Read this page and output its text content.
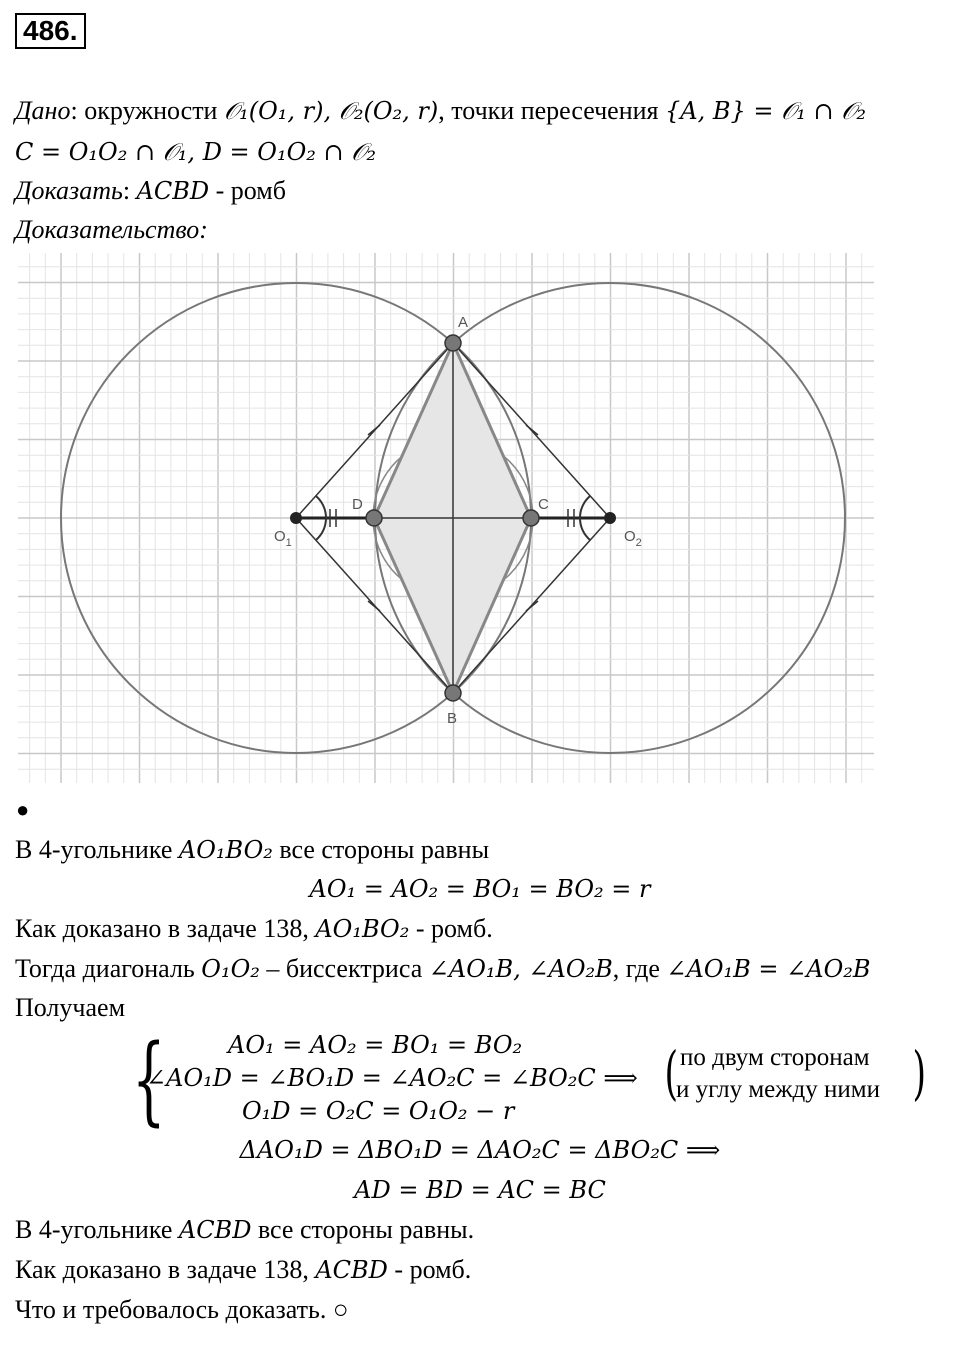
486.
Дано: окружности 𝒪₁(O₁, r), 𝒪₂(O₂, r), точки пересечения {A, B} = 𝒪₁ ∩ 𝒪₂
C = O₁O₂ ∩ 𝒪₁, D = O₁O₂ ∩ 𝒪₂
Доказать: ACBD - ромб
Доказательство:
A
B
C
D
$O_1$	$O_2$
●
В 4-угольнике AO₁BO₂ все стороны равны
AO₁ = AO₂ = BO₁ = BO₂ = r
Как доказано в задаче 138, AO₁BO₂ - ромб.
Тогда диагональ O₁O₂ – биссектриса ∠AO₁B, ∠AO₂B, где ∠AO₁B = ∠AO₂B
Получаем
{	AO₁ = AO₂ = BO₁ = BO₂
∠AO₁D = ∠BO₁D = ∠AO₂C = ∠BO₂C ⟹
O₁D = O₂C = O₁O₂ − r
( по двум сторонам
и углу между ними )
ΔAO₁D = ΔBO₁D = ΔAO₂C = ΔBO₂C ⟹
AD = BD = AC = BC
В 4-угольнике ACBD все стороны равны.
Как доказано в задаче 138, ACBD - ромб.
Что и требовалось доказать. ○
